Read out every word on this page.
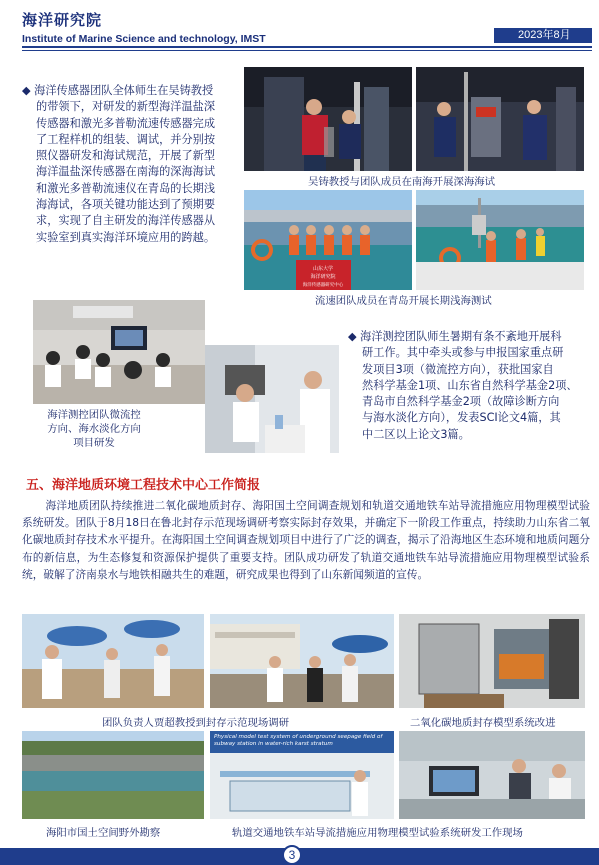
海洋研究院
Institute of Marine Science and technology, IMST	2023年8月
◆ 海洋传感器团队全体师生在吴铸教授
的带领下，对研发的新型海洋温盐深
传感器和激光多普勒流速传感器完成
了工程样机的组装、调试，并分别按
照仪器研发和海试规范，开展了新型
海洋温盐深传感器在南海的深海海试
和激光多普勒流速仪在青岛的长期浅
海海试，各项关键功能达到了预期要
求，实现了自主研发的海洋传感器从
实验室到真实海洋环境应用的跨越。
吴铸教授与团队成员在南海开展深海海试
山东大学
海洋研究院
海洋传感器研究中心
流速团队成员在青岛开展长期浅海测试
海洋测控团队微流控
方向、海水淡化方向
项目研发
◆ 海洋测控团队师生暑期有条不紊地开展科
研工作。其中牵头或参与申报国家重点研
发项目3项（微流控方向），获批国家自
然科学基金1项、山东省自然科学基金2项、
青岛市自然科学基金2项（故障诊断方向
与海水淡化方向），发表SCI论文4篇，其
中二区以上论文3篇。
五、海洋地质环境工程技术中心工作简报
海洋地质团队持续推进二氧化碳地质封存、海阳国土空间调查规划和轨道交通地铁车站导流措施应用物理模型试验系统研发。团队于8月18日在鲁北封存示范现场调研考察实际封存效果，并确定下一阶段工作重点，持续助力山东省二氧化碳地质封存技术水平提升。在海阳国土空间调查规划项目中进行了广泛的调查，揭示了沿海地区生态环境和地质问题分布的新信息，为生态修复和资源保护提供了重要支持。团队成功研发了轨道交通地铁车站导流措施应用物理模型试验系统，破解了济南泉水与地铁相融共生的难题，研究成果也得到了山东新闻频道的宣传。
团队负责人贾超教授到封存示范现场调研	二氧化碳地质封存模型系统改进
Physical model test system of underground seepage field of subway station in water-rich karst stratum
海阳市国土空间野外勘察	轨道交通地铁车站导流措施应用物理模型试验系统研发工作现场
3
